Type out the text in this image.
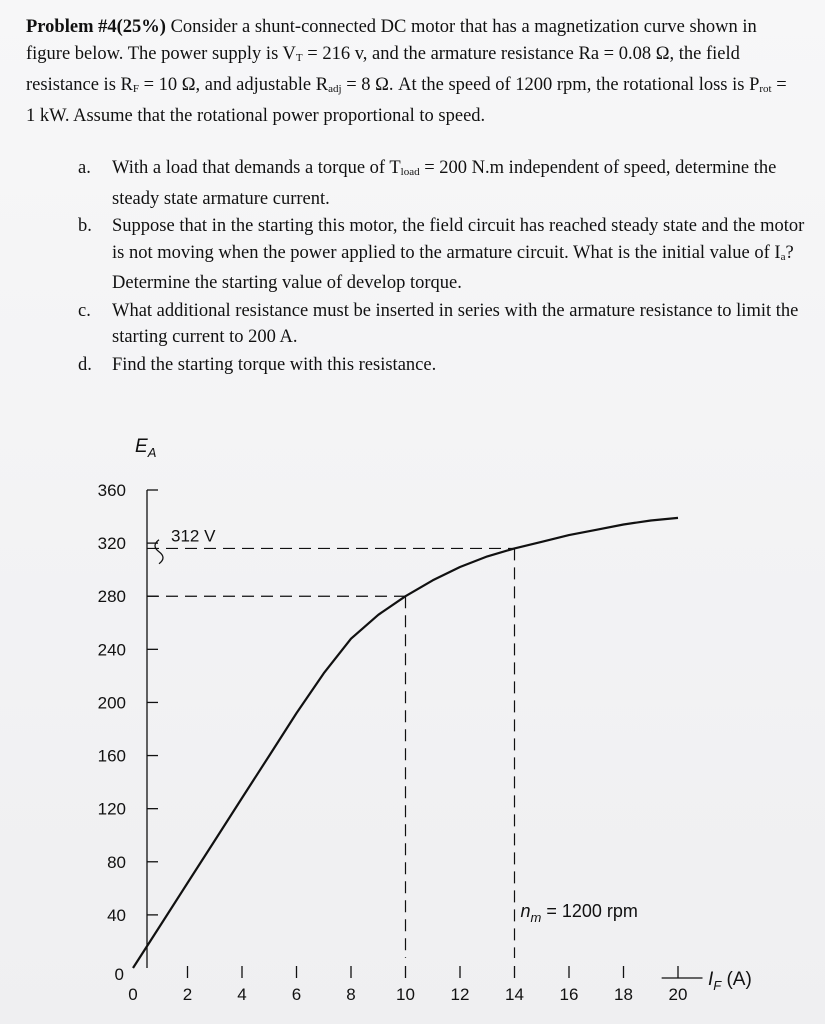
Problem #4(25%) Consider a shunt-connected DC motor that has a magnetization curve shown in figure below. The power supply is VT = 216 v, and the armature resistance Ra = 0.08 Ω, the field resistance is RF = 10 Ω, and adjustable Radj = 8 Ω. At the speed of 1200 rpm, the rotational loss is Prot = 1 kW. Assume that the rotational power proportional to speed.
a.	With a load that demands a torque of Tload = 200 N.m independent of speed, determine the steady state armature current.
b.	Suppose that in the starting this motor, the field circuit has reached steady state and the motor is not moving when the power applied to the armature circuit. What is the initial value of Ia? Determine the starting value of develop torque.
c.	What additional resistance must be inserted in series with the armature resistance to limit the starting current to 200 A.
d.	Find the starting torque with this resistance.
0
40
80
120
160
200
240
280
320
360
0	2	4	6	8 10 12 14 16 18 20
$E_A$
$I_F$ (A)
312 V
$n_m = 1200$ rpm
